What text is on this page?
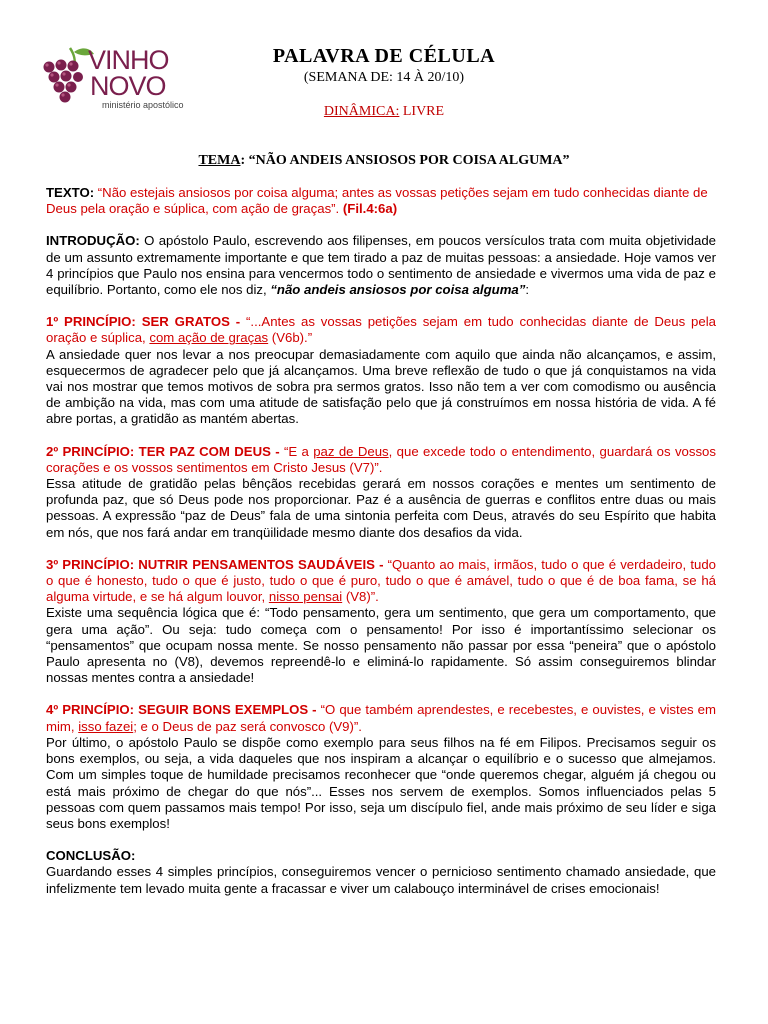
VINHO
NOVO
ministério apostólico
PALAVRA DE CÉLULA
(SEMANA DE: 14 À 20/10)
DINÂMICA: LIVRE
TEMA: “NÃO ANDEIS ANSIOSOS POR COISA ALGUMA”

TEXTO: “Não estejais ansiosos por coisa alguma; antes as vossas petições sejam em tudo conhecidas diante de Deus pela oração e súplica, com ação de graças”. (Fil.4:6a)

INTRODUÇÃO: O apóstolo Paulo, escrevendo aos filipenses, em poucos versículos trata com muita objetividade de um assunto extremamente importante e que tem tirado a paz de muitas pessoas: a ansiedade. Hoje vamos ver 4 princípios que Paulo nos ensina para vencermos todo o sentimento de ansiedade e vivermos uma vida de paz e equilíbrio. Portanto, como ele nos diz, “não andeis ansiosos por coisa alguma”:

1º PRINCÍPIO: SER GRATOS - “...Antes as vossas petições sejam em tudo conhecidas diante de Deus pela oração e súplica, com ação de graças (V6b).”
A ansiedade quer nos levar a nos preocupar demasiadamente com aquilo que ainda não alcançamos, e assim, esquecermos de agradecer pelo que já alcançamos. Uma breve reflexão de tudo o que já conquistamos na vida vai nos mostrar que temos motivos de sobra pra sermos gratos. Isso não tem a ver com comodismo ou ausência de ambição na vida, mas com uma atitude de satisfação pelo que já construímos em nossa história de vida. A fé abre portas, a gratidão as mantém abertas.

2º PRINCÍPIO: TER PAZ COM DEUS - “E a paz de Deus, que excede todo o entendimento, guardará os vossos corações e os vossos sentimentos em Cristo Jesus (V7)”.
Essa atitude de gratidão pelas bênçãos recebidas gerará em nossos corações e mentes um sentimento de profunda paz, que só Deus pode nos proporcionar. Paz é a ausência de guerras e conflitos entre duas ou mais pessoas. A expressão “paz de Deus” fala de uma sintonia perfeita com Deus, através do seu Espírito que habita em nós, que nos fará andar em tranqüilidade mesmo diante dos desafios da vida.

3º PRINCÍPIO: NUTRIR PENSAMENTOS SAUDÁVEIS - “Quanto ao mais, irmãos, tudo o que é verdadeiro, tudo o que é honesto, tudo o que é justo, tudo o que é puro, tudo o que é amável, tudo o que é de boa fama, se há alguma virtude, e se há algum louvor, nisso pensai (V8)”.
Existe uma sequência lógica que é: “Todo pensamento, gera um sentimento, que gera um comportamento, que gera uma ação”. Ou seja: tudo começa com o pensamento! Por isso é importantíssimo selecionar os “pensamentos” que ocupam nossa mente. Se nosso pensamento não passar por essa “peneira” que o apóstolo Paulo apresenta no (V8), devemos repreendê-lo e eliminá-lo rapidamente. Só assim conseguiremos blindar nossas mentes contra a ansiedade!

4º PRINCÍPIO: SEGUIR BONS EXEMPLOS - “O que também aprendestes, e recebestes, e ouvistes, e vistes em mim, isso fazei; e o Deus de paz será convosco (V9)”.
Por último, o apóstolo Paulo se dispõe como exemplo para seus filhos na fé em Filipos. Precisamos seguir os bons exemplos, ou seja, a vida daqueles que nos inspiram a alcançar o equilíbrio e o sucesso que almejamos. Com um simples toque de humildade precisamos reconhecer que “onde queremos chegar, alguém já chegou ou está mais próximo de chegar do que nós”... Esses nos servem de exemplos. Somos influenciados pelas 5 pessoas com quem passamos mais tempo! Por isso, seja um discípulo fiel, ande mais próximo de seu líder e siga seus bons exemplos!

CONCLUSÃO:
Guardando esses 4 simples princípios, conseguiremos vencer o pernicioso sentimento chamado ansiedade, que infelizmente tem levado muita gente a fracassar e viver um calabouço interminável de crises emocionais!
